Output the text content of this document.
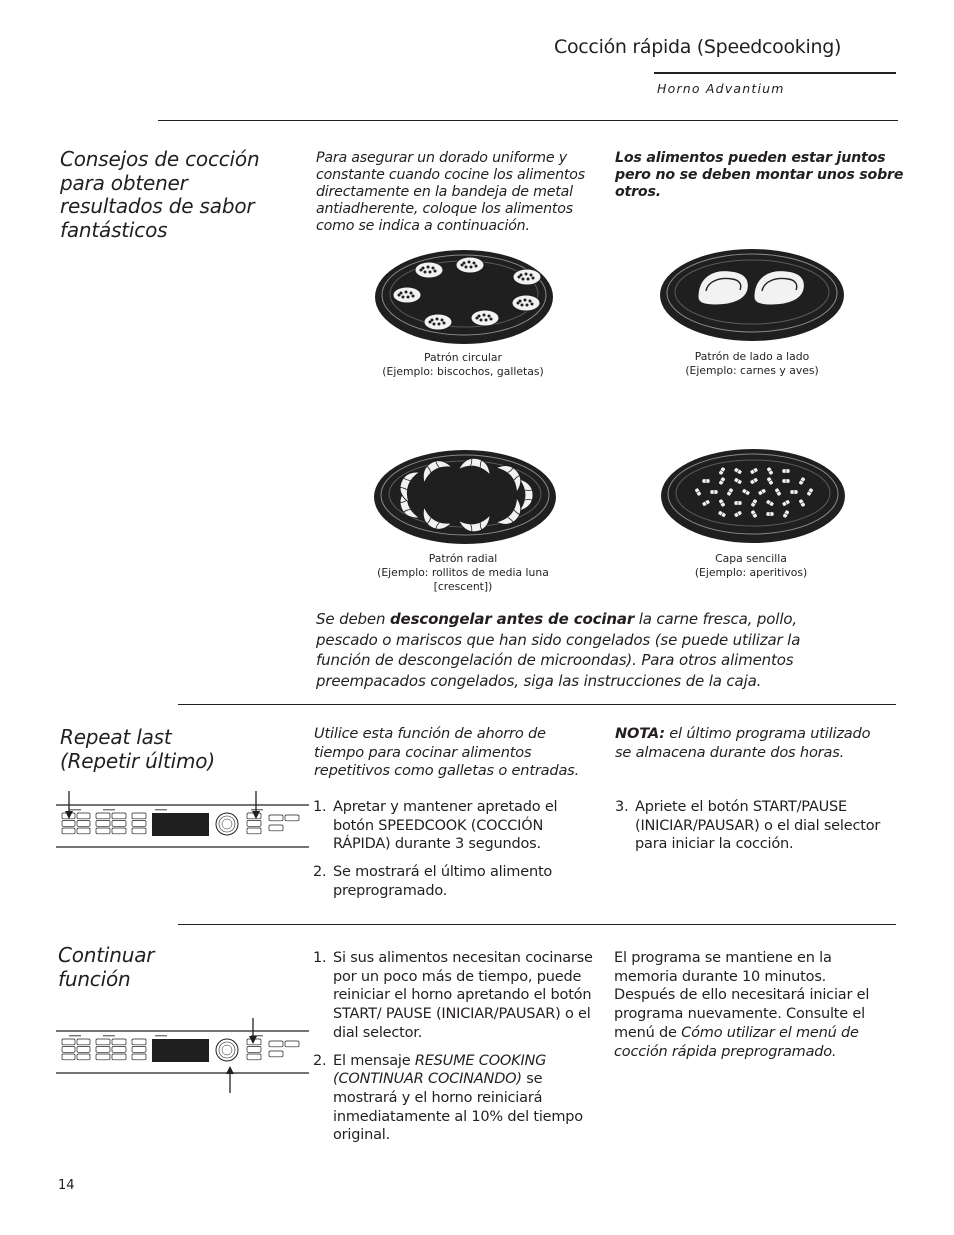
Cocción rápida (Speedcooking)
Horno Advantium
Consejos de cocción para obtener resultados de sabor fantásticos
Para asegurar un dorado uniforme y constante cuando cocine los alimentos directamente en la bandeja de metal antiadherente, coloque los alimentos como se indica a continuación.
Los alimentos pueden estar juntos pero no se deben montar unos sobre otros.
Patrón circular
(Ejemplo: biscochos, galletas)
Patrón de lado a lado
(Ejemplo: carnes y aves)
Patrón radial
(Ejemplo: rollitos de media luna [crescent])
Capa sencilla
(Ejemplo: aperitivos)
Se deben descongelar antes de cocinar la carne fresca, pollo, pescado o mariscos que han sido congelados (se puede utilizar la función de descongelación de microondas). Para otros alimentos preempacados congelados, siga las instrucciones de la caja.
Repeat last (Repetir último)
Utilice esta función de ahorro de tiempo para cocinar alimentos repetitivos como galletas o entradas.
NOTA: el último programa utilizado se almacena durante dos horas.
1. Apretar y mantener apretado el botón SPEEDCOOK (COCCIÓN RÁPIDA) durante 3 segundos.
2. Se mostrará el último alimento preprogramado.
3. Apriete el botón START/PAUSE (INICIAR/PAUSAR) o el dial selector para iniciar la cocción.
Continuar función
1. Si sus alimentos necesitan cocinarse por un poco más de tiempo, puede reiniciar el horno apretando el botón START/ PAUSE (INICIAR/PAUSAR) o el dial selector.
2. El mensaje RESUME COOKING (CONTINUAR COCINANDO) se mostrará y el horno reiniciará inmediatamente al 10% del tiempo original.
El programa se mantiene en la memoria durante 10 minutos. Después de ello necesitará iniciar el programa nuevamente. Consulte el menú de Cómo utilizar el menú de cocción rápida preprogramado.
14
